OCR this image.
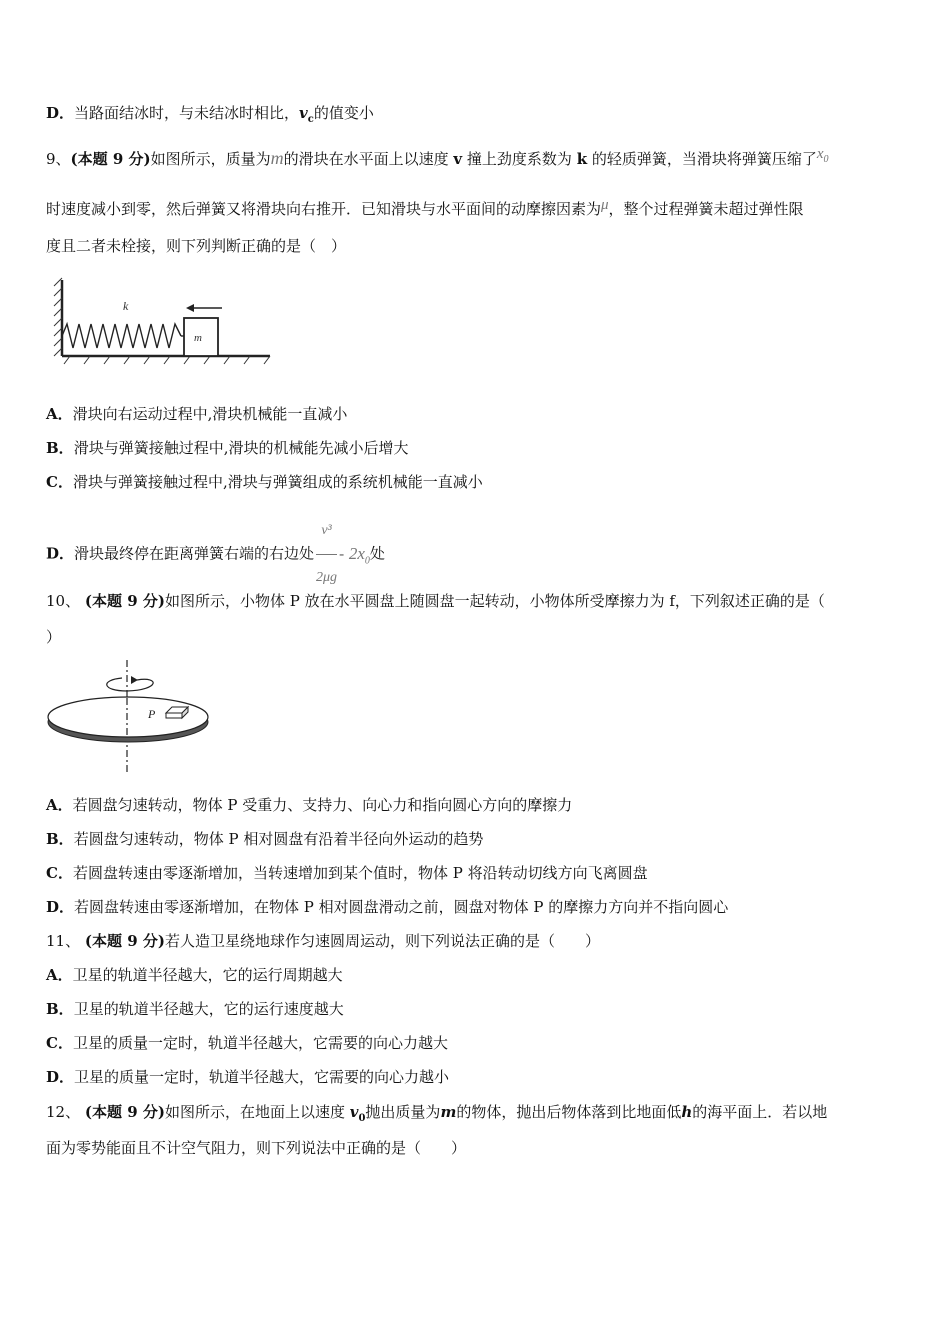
D．当路面结冰时，与未结冰时相比，$v_c$的值变小
9、(本题 9 分)如图所示，质量为m的滑块在水平面上以速度 v 撞上劲度系数为 k 的轻质弹簧，当滑块将弹簧压缩了$x_0$
时速度减小到零，然后弹簧又将滑块向右推开．已知滑块与水平面间的动摩擦因素为μ，整个过程弹簧未超过弹性限
度且二者未栓接，则下列判断正确的是（　）
k
m
A．滑块向右运动过程中,滑块机械能一直减小
B．滑块与弹簧接触过程中,滑块的机械能先减小后增大
C．滑块与弹簧接触过程中,滑块与弹簧组成的系统机械能一直减小
D．滑块最终停在距离弹簧右端的右边处 $\frac{\text{v³}}{2\mu g} - 2x_0$处
10、 (本题 9 分)如图所示，小物体 P 放在水平圆盘上随圆盘一起转动，小物体所受摩擦力为 f，下列叙述正确的是（
）
P
A．若圆盘匀速转动，物体 P 受重力、支持力、向心力和指向圆心方向的摩擦力
B．若圆盘匀速转动，物体 P 相对圆盘有沿着半径向外运动的趋势
C．若圆盘转速由零逐渐增加，当转速增加到某个值时，物体 P 将沿转动切线方向飞离圆盘
D．若圆盘转速由零逐渐增加，在物体 P 相对圆盘滑动之前，圆盘对物体 P 的摩擦力方向并不指向圆心
11、 (本题 9 分)若人造卫星绕地球作匀速圆周运动，则下列说法正确的是（　　）
A．卫星的轨道半径越大，它的运行周期越大
B．卫星的轨道半径越大，它的运行速度越大
C．卫星的质量一定时，轨道半径越大，它需要的向心力越大
D．卫星的质量一定时，轨道半径越大，它需要的向心力越小
12、 (本题 9 分)如图所示，在地面上以速度 $v_0$抛出质量为m的物体，抛出后物体落到比地面低h的海平面上．若以地
面为零势能面且不计空气阻力，则下列说法中正确的是（　　）
